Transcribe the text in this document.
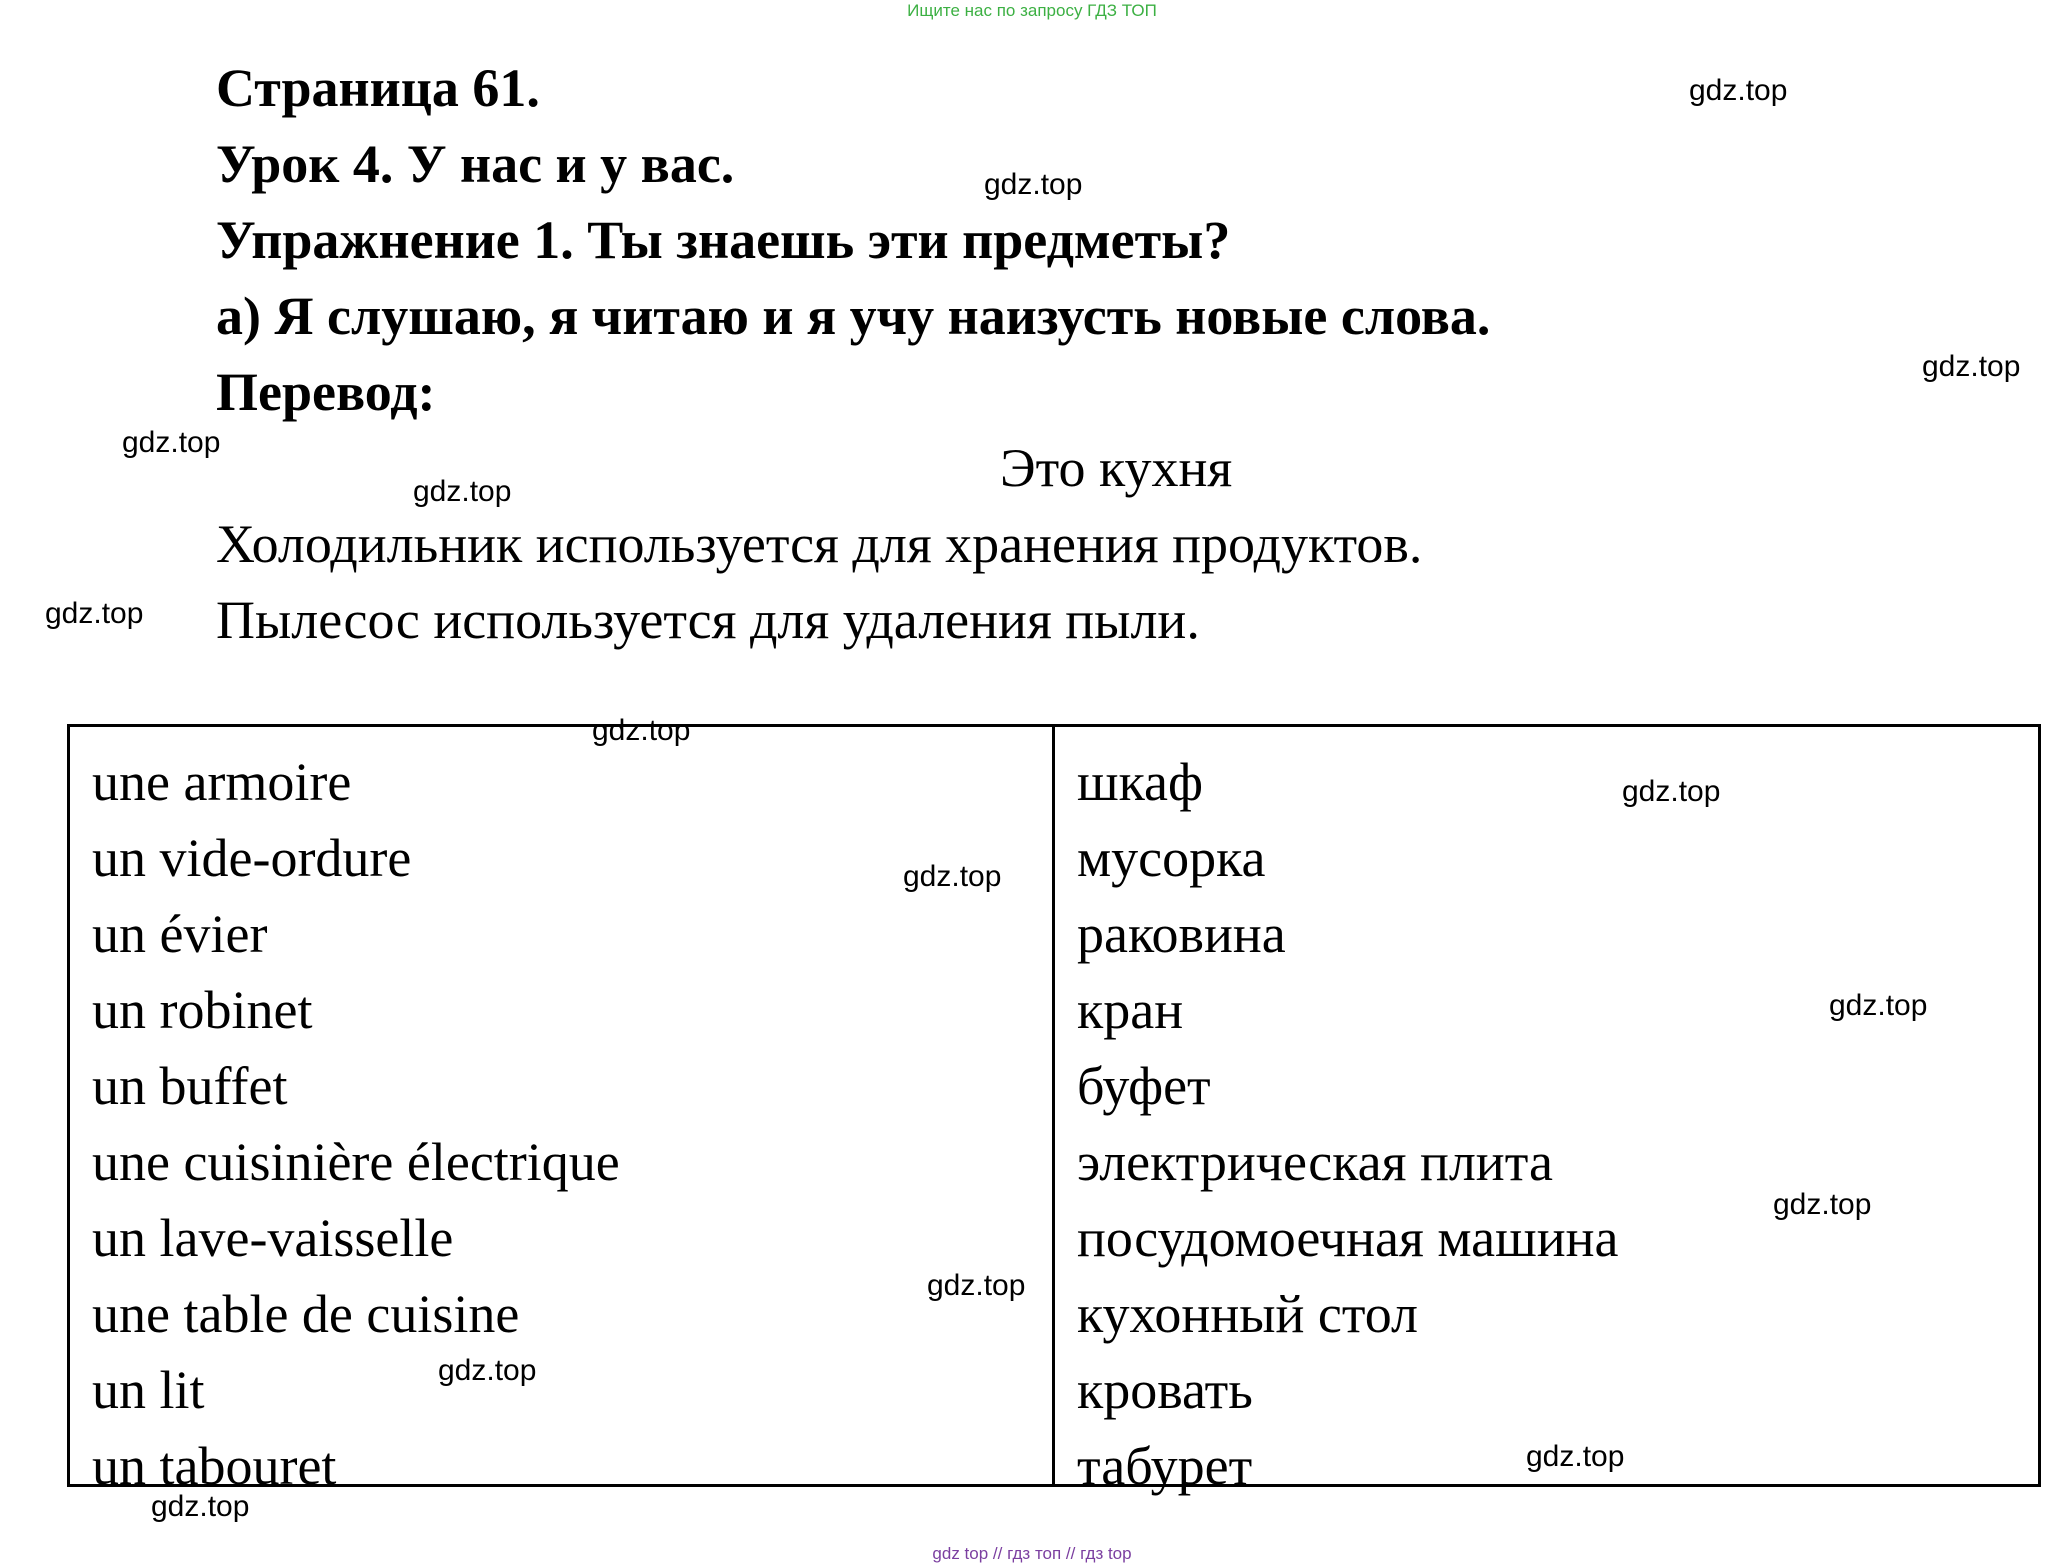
Ищите нас по запросу ГДЗ ТОП
Страница 61.
Урок 4. У нас и у вас.
Упражнение 1. Ты знаешь эти предметы?
а) Я слушаю, я читаю и я учу наизусть новые слова.
Перевод:

Это кухня

Холодильник используется для хранения продуктов.

Пылесос используется для удаления пыли.

une armoire
un vide-ordure
un évier
un robinet
un buffet
une cuisinière électrique
un lave-vaisselle
une table de cuisine
un lit
un tabouret
шкаф
мусорка
раковина
кран
буфет
электрическая плита
посудомоечная машина
кухонный стол
кровать
табурет
gdz.top
gdz.top
gdz.top
gdz.top
gdz.top
gdz.top
gdz.top
gdz.top
gdz.top
gdz.top
gdz.top
gdz.top
gdz.top
gdz.top
gdz.top
gdz top // гдз топ // гдз top
